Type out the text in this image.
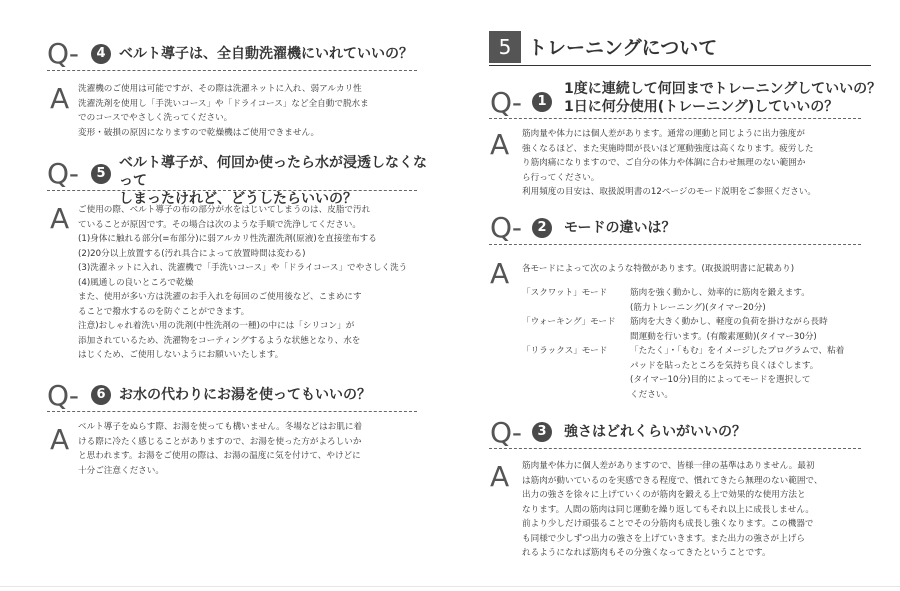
Q-	4 ベルト導子は、全自動洗濯機にいれていいの？
A 洗濯機のご使用は可能ですが、その際は洗濯ネットに入れ、弱アルカリ性
洗濯洗剤を使用し「手洗いコース」や「ドライコース」など全自動で脱水ま
でのコースでやさしく洗ってください。
変形・破損の原因になりますので乾燥機はご使用できません。
Q-	5
ベルト導子が、何回か使ったら水が浸透しなくなって
しまったけれど、どうしたらいいの？
A ご使用の際、ベルト導子の布の部分が水をはじいてしまうのは、皮脂で汚れ
ていることが原因です。その場合は次のような手順で洗浄してください。
(1)身体に触れる部分(=布部分)に弱アルカリ性洗濯洗剤(原液)を直接塗布する
(2)20分以上放置する(汚れ具合によって放置時間は変わる)
(3)洗濯ネットに入れ、洗濯機で「手洗いコース」や「ドライコース」でやさしく洗う
(4)風通しの良いところで乾燥
また、使用が多い方は洗濯のお手入れを毎回のご使用後など、こまめにす
ることで撥水するのを防ぐことができます。
注意)おしゃれ着洗い用の洗剤(中性洗剤の一種)の中には「シリコン」が
添加されているため、洗濯物をコーティングするような状態となり、水を
はじくため、ご使用しないようにお願いいたします。
Q-	6 お水の代わりにお湯を使ってもいいの？
A ベルト導子をぬらす際、お湯を使っても構いません。冬場などはお肌に着
ける際に冷たく感じることがありますので、お湯を使った方がよろしいか
と思われます。お湯をご使用の際は、お湯の温度に気を付けて、やけどに
十分ご注意ください。
5 トレーニングについて
Q-	1
1度に連続して何回までトレーニングしていいの？
1日に何分使用(トレーニング)していいの？
A 筋肉量や体力には個人差があります。通常の運動と同じように出力強度が
強くなるほど、また実施時間が長いほど運動強度は高くなります。疲労した
り筋肉痛になりますので、ご自分の体力や体調に合わせ無理のない範囲か
ら行ってください。
利用頻度の目安は、取扱説明書の12ページのモード説明をご参照ください。
Q-	2	モードの違いは？
A 各モードによって次のような特徴があります。(取扱説明書に記載あり)
「スクワット」モード	筋肉を強く動かし、効率的に筋肉を鍛えます。
(筋力トレーニング)(タイマー20分)
「ウォーキング」モード	筋肉を大きく動かし、軽度の負荷を掛けながら長時
間運動を行います。(有酸素運動)(タイマー30分)
「リラックス」モード	「たたく」・「もむ」をイメージしたプログラムで、粘着
パッドを貼ったところを気持ち良くほぐします。
(タイマー10分)目的によってモードを選択して
ください。
Q-	3	強さはどれくらいがいいの？
A 筋肉量や体力に個人差がありますので、皆様一律の基準はありません。最初
は筋肉が動いているのを実感できる程度で、慣れてきたら無理のない範囲で、
出力の強さを徐々に上げていくのが筋肉を鍛える上で効果的な使用方法と
なります。人間の筋肉は同じ運動を繰り返してもそれ以上に成長しません。
前より少しだけ頑張ることでその分筋肉も成長し強くなります。この機器で
も同様で少しずつ出力の強さを上げていきます。また出力の強さが上げら
れるようになれば筋肉もその分強くなってきたということです。
